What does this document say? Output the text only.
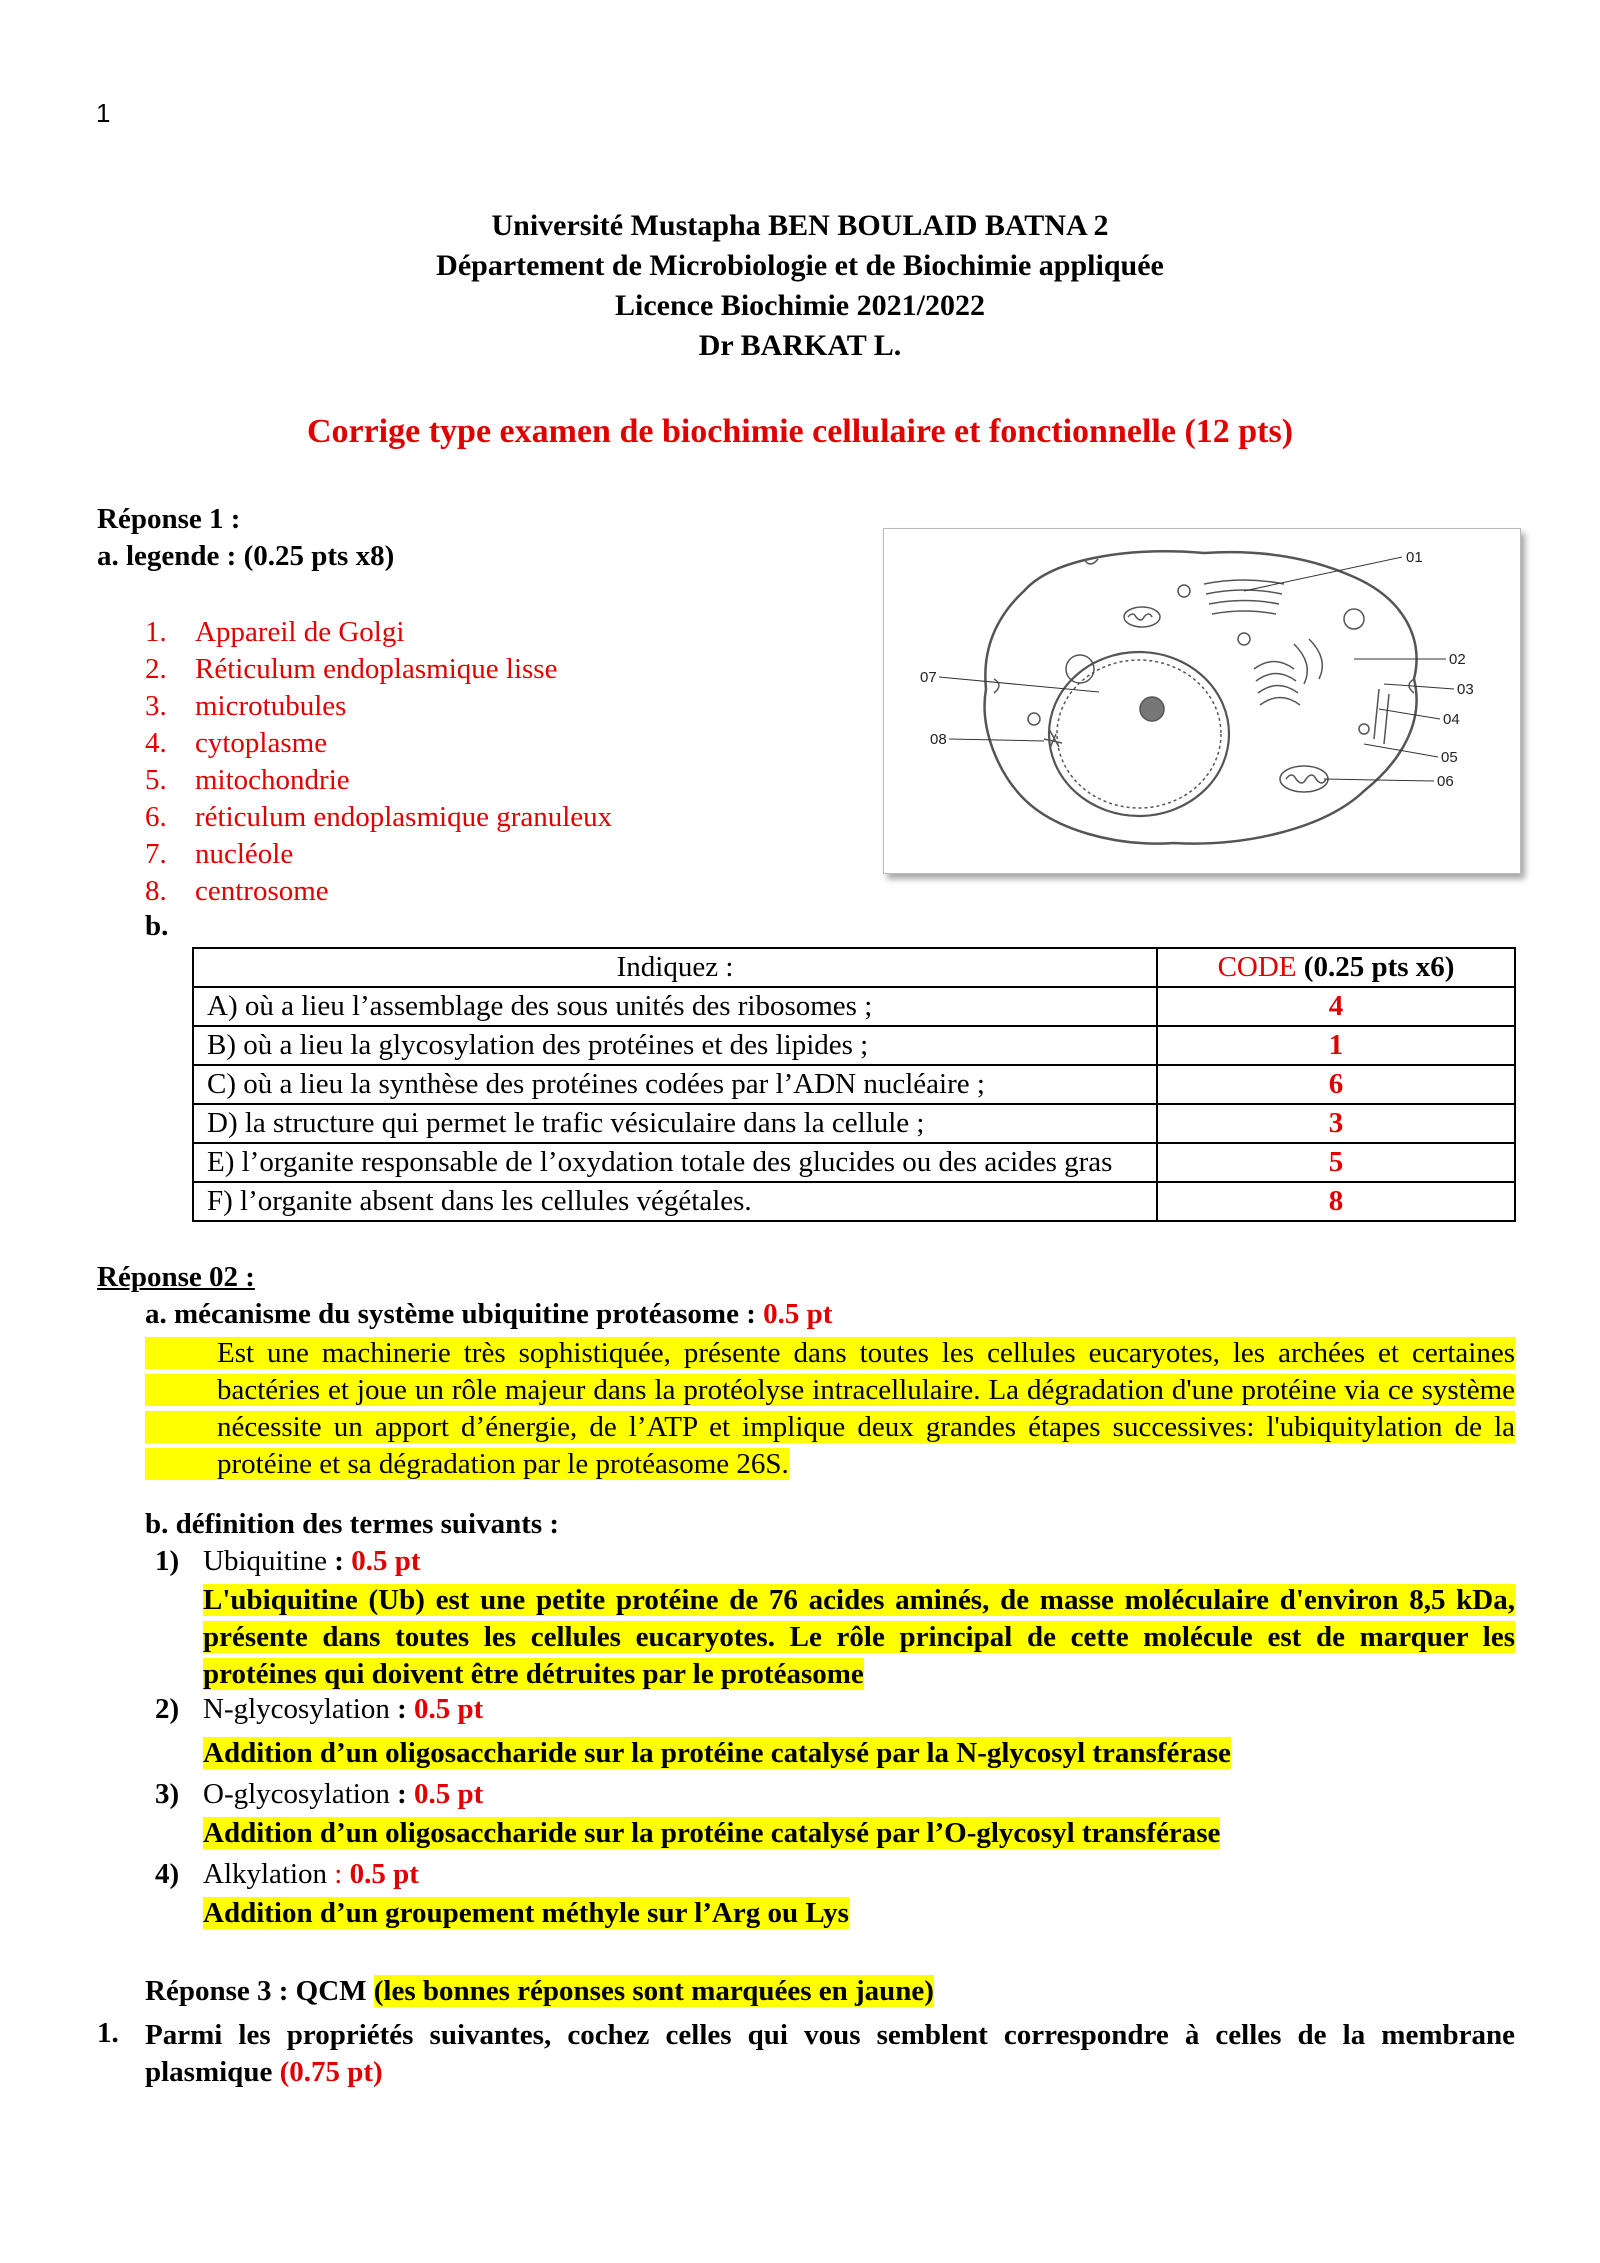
1
Université Mustapha BEN BOULAID BATNA 2
Département de Microbiologie et de Biochimie appliquée
Licence Biochimie 2021/2022
Dr BARKAT L.
Corrige type examen de biochimie cellulaire et fonctionnelle (12 pts)
Réponse 1 :
a. legende : (0.25 pts x8)
1. Appareil de Golgi
2. Réticulum endoplasmique lisse
3. microtubules
4. cytoplasme
5. mitochondrie
6. réticulum endoplasmique granuleux
7. nucléole
8. centrosome
01
02
03
04
05
06
07
08
b.
Indiquez :	CODE (0.25 pts x6)
A) où a lieu l’assemblage des sous unités des ribosomes ;	4
B) où a lieu la glycosylation des protéines et des lipides ;	1
C) où a lieu la synthèse des protéines codées par l’ADN nucléaire ;	6
D) la structure qui permet le trafic vésiculaire dans la cellule ;	3
E) l’organite responsable de l’oxydation totale des glucides ou des acides gras	5
F) l’organite absent dans les cellules végétales.	8
Réponse 02 :
a. mécanisme du système ubiquitine protéasome : 0.5 pt
Est une machinerie très sophistiquée, présente dans toutes les cellules eucaryotes, les archées et certaines bactéries et joue un rôle majeur dans la protéolyse intracellulaire. La dégradation d'une protéine via ce système nécessite un apport d’énergie, de l’ATP et implique deux grandes étapes successives: l'ubiquitylation de la protéine et sa dégradation par le protéasome 26S.
b. définition des termes suivants :
1) Ubiquitine : 0.5 pt
L'ubiquitine (Ub) est une petite protéine de 76 acides aminés, de masse moléculaire d'environ 8,5 kDa, présente dans toutes les cellules eucaryotes. Le rôle principal de cette molécule est de marquer les protéines qui doivent être détruites par le protéasome
2) N-glycosylation : 0.5 pt
Addition d’un oligosaccharide sur la protéine catalysé par la N-glycosyl transférase
3) O-glycosylation : 0.5 pt
Addition d’un oligosaccharide sur la protéine catalysé par l’O-glycosyl transférase
4) Alkylation : 0.5 pt
Addition d’un groupement méthyle sur l’Arg ou Lys
Réponse 3 : QCM (les bonnes réponses sont marquées en jaune)
1. Parmi les propriétés suivantes, cochez celles qui vous semblent correspondre à celles de la membrane plasmique (0.75 pt)
